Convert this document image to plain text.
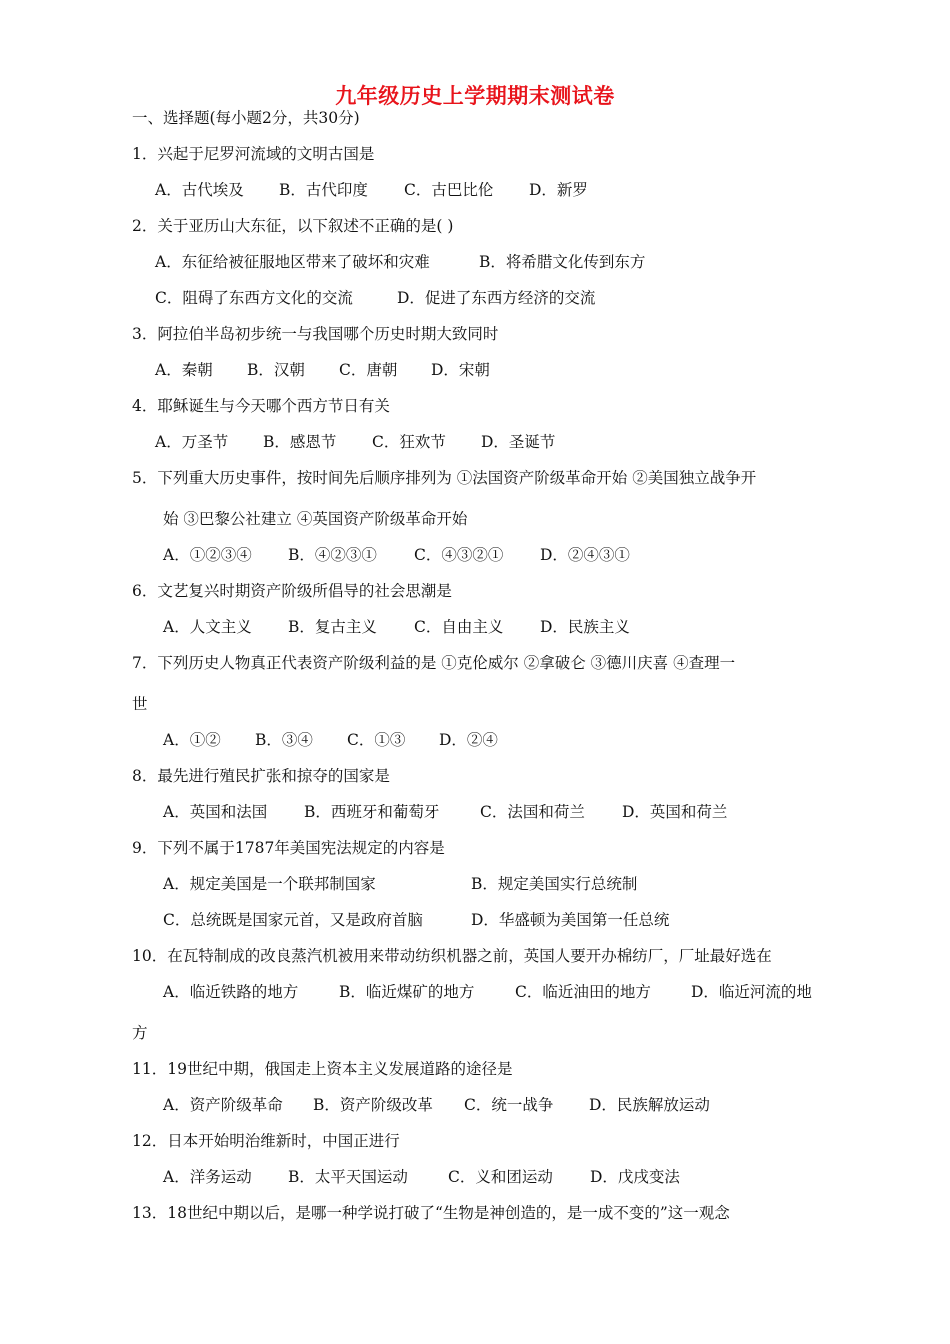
九年级历史上学期期末测试卷
一、选择题(每小题2分，共30分)
1．兴起于尼罗河流域的文明古国是
A．古代埃及 B．古代印度 C．古巴比伦 D．新罗
2．关于亚历山大东征，以下叙述不正确的是( )
A．东征给被征服地区带来了破坏和灾难	B．将希腊文化传到东方
C．阻碍了东西方文化的交流	D．促进了东西方经济的交流
3．阿拉伯半岛初步统一与我国哪个历史时期大致同时
A．秦朝 B．汉朝 C．唐朝 D．宋朝
4．耶稣诞生与今天哪个西方节日有关
A．万圣节 B．感恩节 C．狂欢节 D．圣诞节
5．下列重大历史事件，按时间先后顺序排列为 ①法国资产阶级革命开始 ②美国独立战争开
始 ③巴黎公社建立 ④英国资产阶级革命开始
A．①②③④ B．④②③① C．④③②① D．②④③①
6．文艺复兴时期资产阶级所倡导的社会思潮是
A．人文主义 B．复古主义 C．自由主义 D．民族主义
7．下列历史人物真正代表资产阶级利益的是 ①克伦威尔 ②拿破仑 ③德川庆喜 ④查理一
世
A．①② B．③④ C．①③ D．②④
8．最先进行殖民扩张和掠夺的国家是
A．英国和法国 B．西班牙和葡萄牙	C．法国和荷兰 D．英国和荷兰
9．下列不属于1787年美国宪法规定的内容是
A．规定美国是一个联邦制国家	B．规定美国实行总统制
C．总统既是国家元首，又是政府首脑	D．华盛顿为美国第一任总统
10．在瓦特制成的改良蒸汽机被用来带动纺织机器之前，英国人要开办棉纺厂，厂址最好选在
A．临近铁路的地方	B．临近煤矿的地方	C．临近油田的地方	D．临近河流的地
方
11．19世纪中期，俄国走上资本主义发展道路的途径是
A．资产阶级革命 B．资产阶级改革 C．统一战争 D．民族解放运动
12．日本开始明治维新时，中国正进行
A．洋务运动 B．太平天国运动	C．义和团运动 D．戊戌变法
13．18世纪中期以后，是哪一种学说打破了“生物是神创造的，是一成不变的”这一观念
